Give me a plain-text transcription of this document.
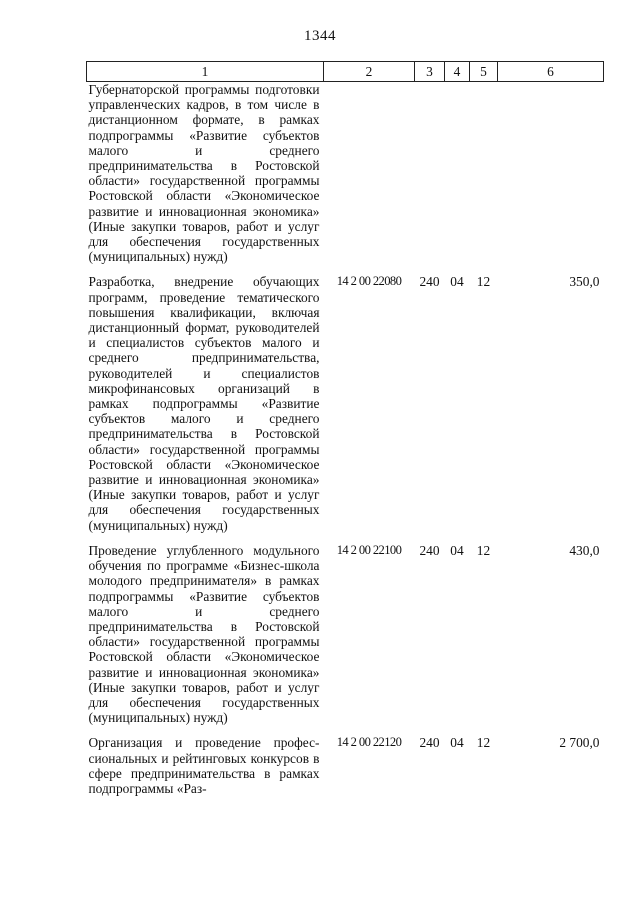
1344
1	2	3	4	5	6
Губернаторской программы подготовки управленческих кадров, в том числе в дистанционном формате, в рамках подпрограммы «Развитие субъектов малого и среднего предпринимательства в Ростовской области» государственной программы Ростовской области «Экономическое развитие и инновационная экономика» (Иные закупки товаров, работ и услуг для обеспечения государственных (муниципальных) нужд)					

Разработка, внедрение обучающих программ, проведение тематического повышения квалификации, включая дистанционный формат, руководителей и специалистов субъектов малого и среднего предпринимательства, руководителей и специалистов микрофинансовых организаций в рамках подпрограммы «Развитие субъектов малого и среднего предпринимательства в Ростовской области» государственной программы Ростовской области «Экономическое развитие и инновационная экономика» (Иные закупки товаров, работ и услуг для обеспечения государственных (муниципальных) нужд)	14 2 00 22080	240	04	12	350,0

Проведение углубленного модульного обучения по программе «Бизнес-школа молодого предпринимателя» в рамках подпрограммы «Развитие субъектов малого и среднего предпринимательства в Ростовской области» государственной программы Ростовской области «Экономическое развитие и инновационная экономика» (Иные закупки товаров, работ и услуг для обеспечения государственных (муниципальных) нужд)	14 2 00 22100	240	04	12	430,0

Организация и проведение профессиональных и рейтинговых конкурсов в сфере предпринимательства в рамках подпрограммы «Раз-	14 2 00 22120	240	04	12	2 700,0
